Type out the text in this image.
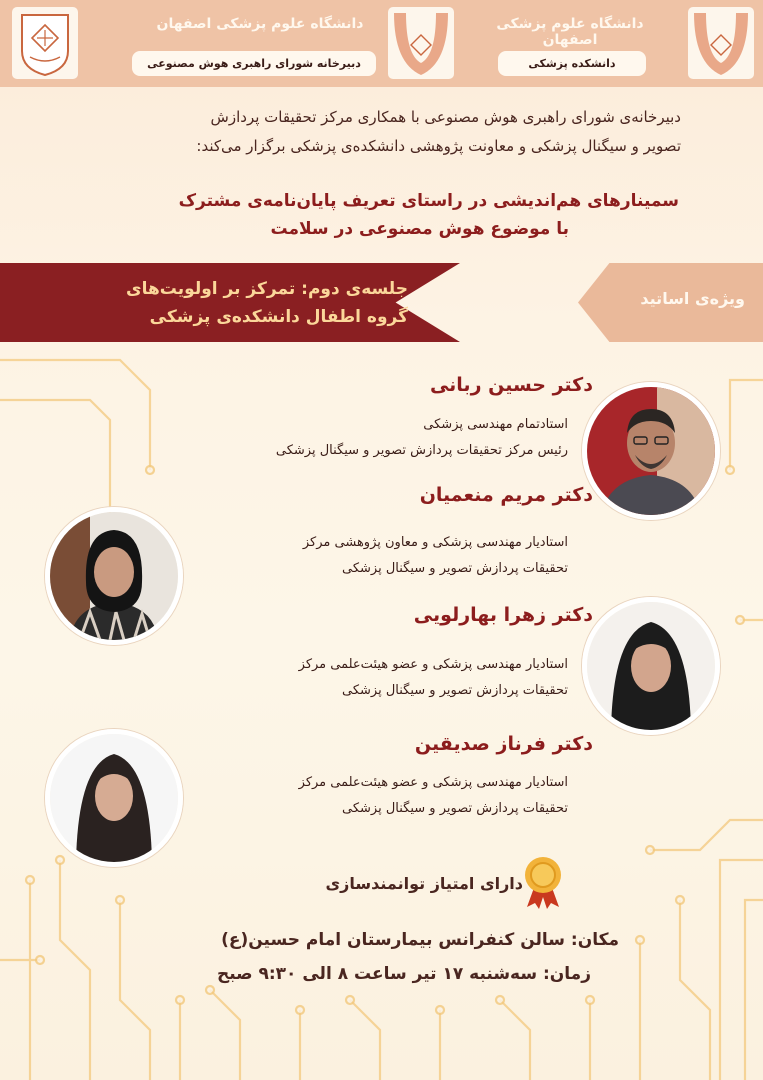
دانشگاه علوم پزشکی اصفهان
دبیرخانه شورای راهبری هوش مصنوعی
دانشگاه علوم پزشکی اصفهان
دانشکده پزشکی
دبیرخانه‌ی شورای راهبری هوش مصنوعی با همکاری مرکز تحقیقات پردازش
تصویر و سیگنال پزشکی و معاونت پژوهشی دانشکده‌ی پزشکی برگزار می‌کند:
سمینارهای هم‌اندیشی در راستای تعریف پایان‌نامه‌ی مشترک
با موضوع هوش مصنوعی در سلامت
جلسه‌ی دوم: تمرکز بر اولویت‌های
گروه اطفال دانشکده‌ی پزشکی
ویژه‌ی اساتید
دکتر حسین ربانی
استادتمام مهندسی پزشکی
رئیس مرکز تحقیقات پردازش تصویر و سیگنال پزشکی
دکتر مریم منعمیان
استادیار مهندسی پزشکی و معاون پژوهشی مرکز
تحقیقات پردازش تصویر و سیگنال پزشکی
دکتر زهرا بهارلویی
استادیار مهندسی پزشکی و عضو هیئت‌علمی مرکز
تحقیقات پردازش تصویر و سیگنال پزشکی
دکتر فرناز صدیقین
استادیار مهندسی پزشکی و عضو هیئت‌علمی مرکز
تحقیقات پردازش تصویر و سیگنال پزشکی
دارای امتیاز توانمندسازی
مکان: سالن کنفرانس بیمارستان امام حسین(ع)
زمان: سه‌شنبه ۱۷ تیر ساعت ۸ الی ۹:۳۰ صبح
